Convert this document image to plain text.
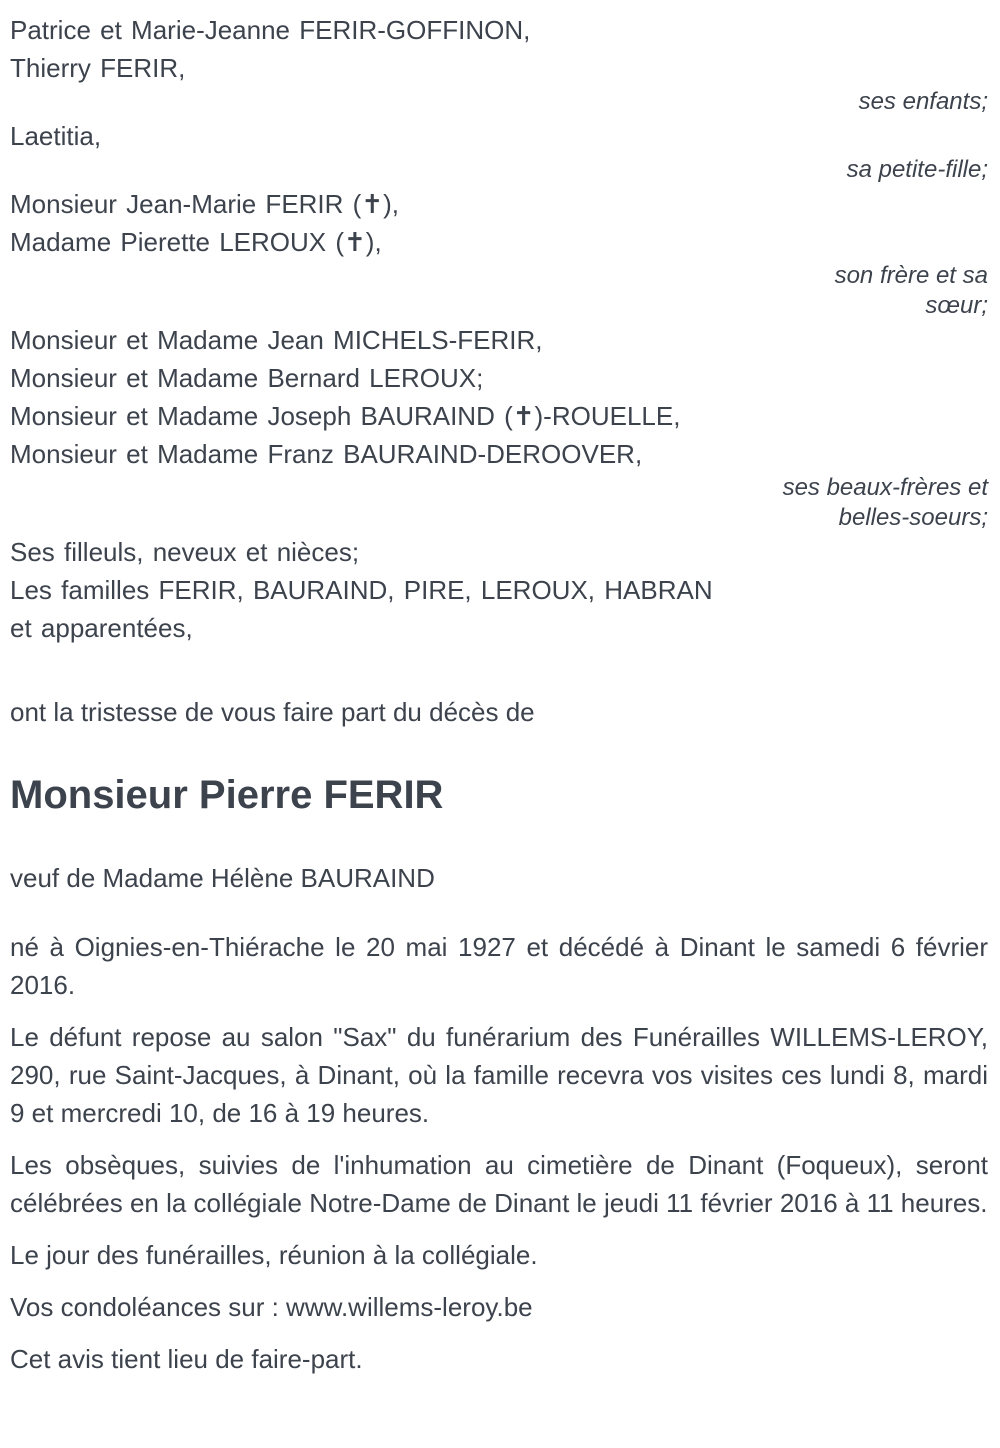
Patrice et Marie-Jeanne FERIR-GOFFINON,
Thierry FERIR,
ses enfants;
Laetitia,
sa petite-fille;
Monsieur Jean-Marie FERIR (✝),
Madame Pierette LEROUX (✝),
son frère et sa
sœur;
Monsieur et Madame Jean MICHELS-FERIR,
Monsieur et Madame Bernard LEROUX;
Monsieur et Madame Joseph BAURAIND (✝)-ROUELLE,
Monsieur et Madame Franz BAURAIND-DEROOVER,
ses beaux-frères et
belles-soeurs;
Ses filleuls, neveux et nièces;
Les familles FERIR, BAURAIND, PIRE, LEROUX, HABRAN
et apparentées,

ont la tristesse de vous faire part du décès de

Monsieur Pierre FERIR

veuf de Madame Hélène BAURAIND

né à Oignies-en-Thiérache le 20 mai 1927 et décédé à Dinant le samedi 6 février 2016.

Le défunt repose au salon "Sax" du funérarium des Funérailles WILLEMS-LEROY, 290, rue Saint-Jacques, à Dinant, où la famille recevra vos visites ces lundi 8, mardi 9 et mercredi 10, de 16 à 19 heures.

Les obsèques, suivies de l'inhumation au cimetière de Dinant (Foqueux), seront célébrées en la collégiale Notre-Dame de Dinant le jeudi 11 février 2016 à 11 heures.

Le jour des funérailles, réunion à la collégiale.

Vos condoléances sur : www.willems-leroy.be

Cet avis tient lieu de faire-part.
